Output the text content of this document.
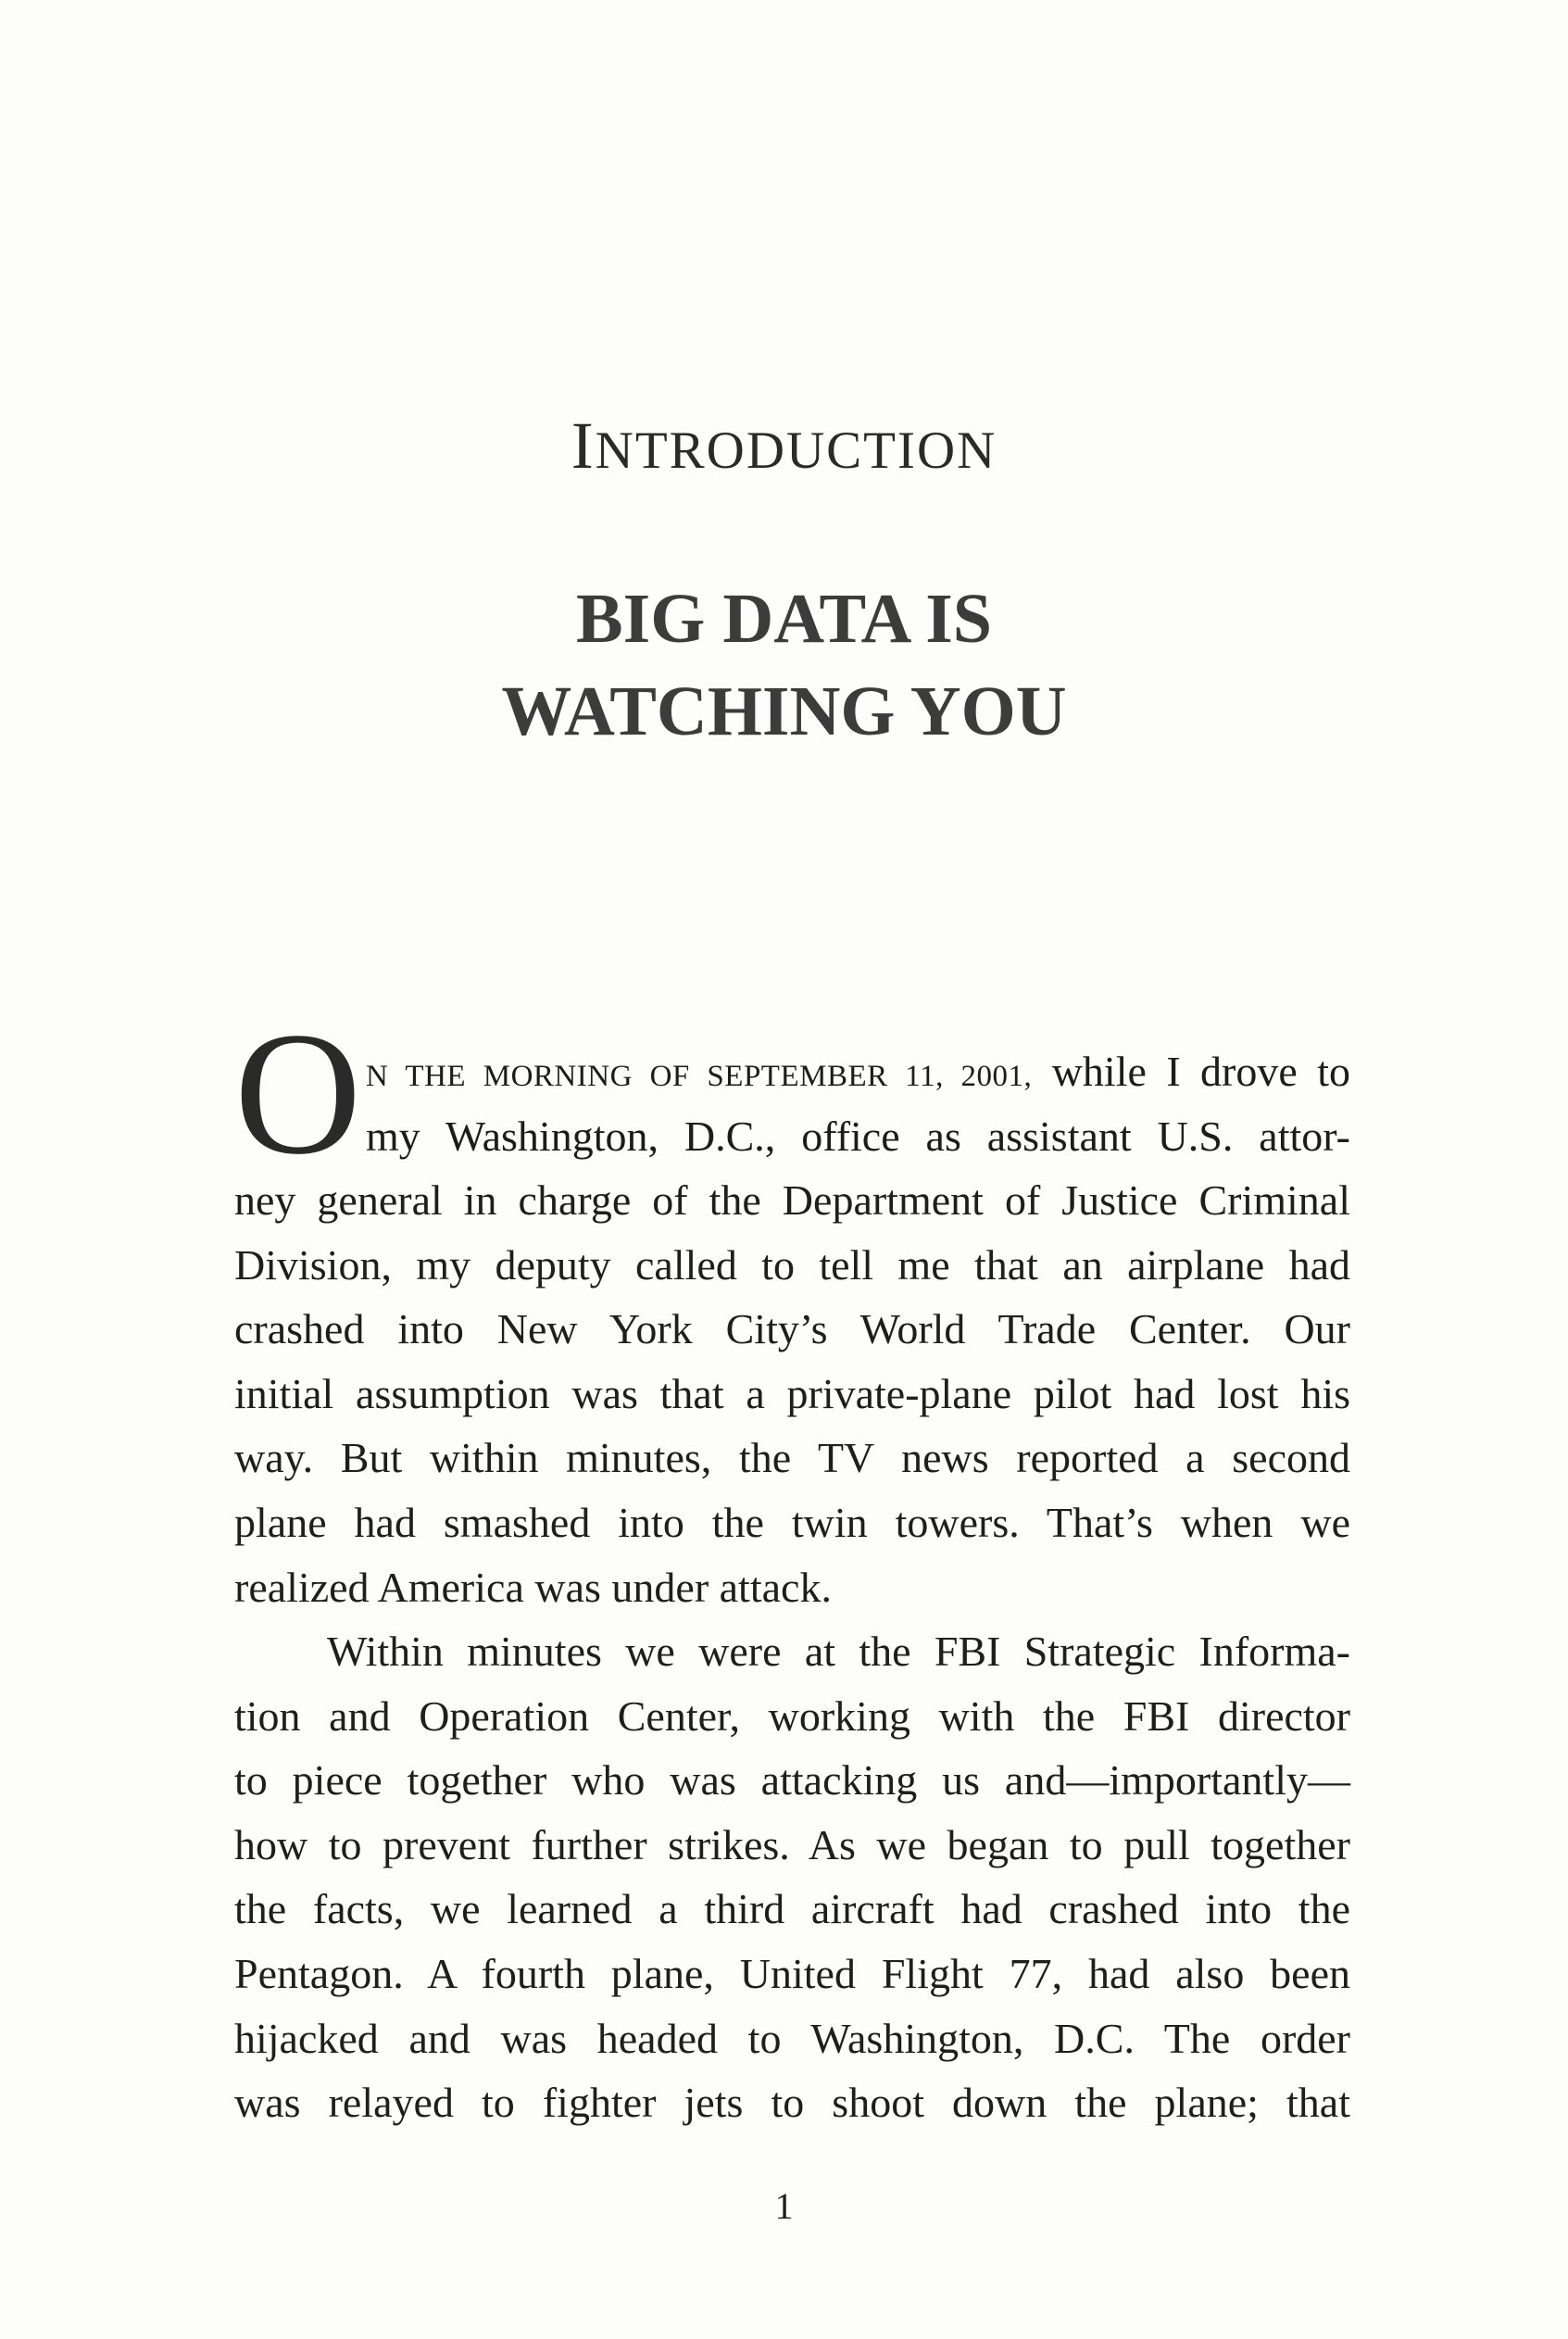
INTRODUCTION
BIG DATA IS
WATCHING YOU
O N THE MORNING OF SEPTEMBER 11, 2001, while I drove to
my Washington, D.C., office as assistant U.S. attor-
ney general in charge of the Department of Justice Criminal
Division, my deputy called to tell me that an airplane had
crashed into New York City’s World Trade Center. Our
initial assumption was that a private-plane pilot had lost his
way. But within minutes, the TV news reported a second
plane had smashed into the twin towers. That’s when we
realized America was under attack.
Within minutes we were at the FBI Strategic Informa-
tion and Operation Center, working with the FBI director
to piece together who was attacking us and—importantly—
how to prevent further strikes. As we began to pull together
the facts, we learned a third aircraft had crashed into the
Pentagon. A fourth plane, United Flight 77, had also been
hijacked and was headed to Washington, D.C. The order
was relayed to fighter jets to shoot down the plane; that
1
